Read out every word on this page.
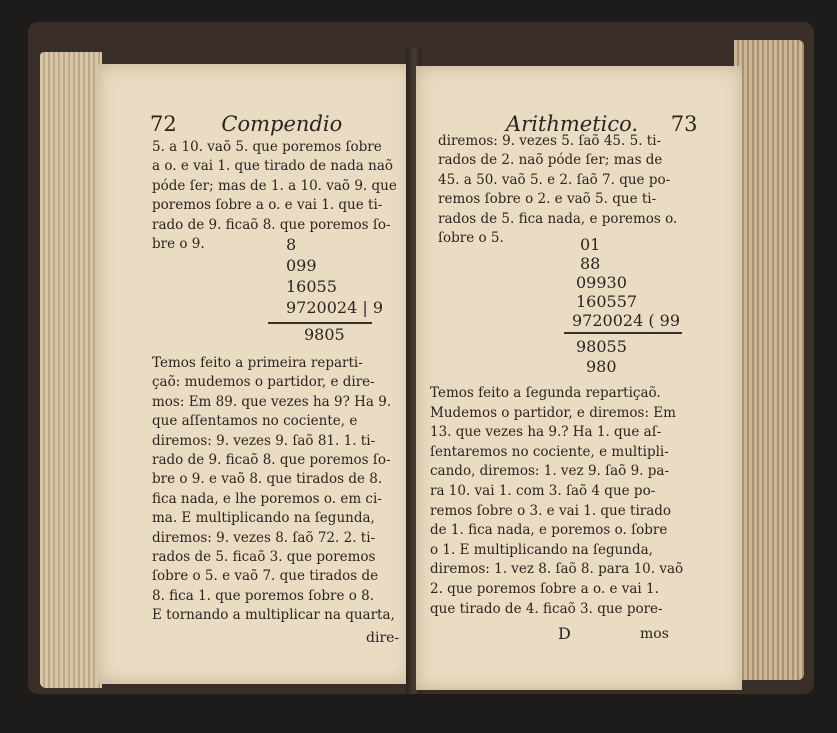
72 Compendio
5. a 10. vaõ 5. que poremos ſobre
a o. e vai 1. que tirado de nada naõ
póde ſer; mas de 1. a 10. vaõ 9. que
poremos ſobre a o. e vai 1. que ti-
rado de 9. ficaõ 8. que poremos ſo-
bre o 9.	8
099
16055
9720024 | 9
9805
Temos feito a primeira reparti-
çaõ: mudemos o partidor, e dire-
mos: Em 89. que vezes ha 9? Ha 9.
que aſſentamos no cociente, e
diremos: 9. vezes 9. ſaõ 81. 1. ti-
rado de 9. ficaõ 8. que poremos ſo-
bre o 9. e vaõ 8. que tirados de 8.
fica nada, e lhe poremos o. em ci-
ma. E multiplicando na ſegunda,
diremos: 9. vezes 8. ſaõ 72. 2. ti-
rados de 5. ficaõ 3. que poremos
ſobre o 5. e vaõ 7. que tirados de
8. fica 1. que poremos ſobre o 8.
E tornando a multiplicar na quarta,
dire-
Arithmetico. 73
diremos: 9. vezes 5. ſaõ 45. 5. ti-
rados de 2. naõ póde ſer; mas de
45. a 50. vaõ 5. e 2. ſaõ 7. que po-
remos ſobre o 2. e vaõ 5. que ti-
rados de 5. fica nada, e poremos o.
ſobre o 5.	01
88
09930
160557
9720024 ( 99
98055
980
Temos feito a ſegunda repartiçaõ.
Mudemos o partidor, e diremos: Em
13. que vezes ha 9.? Ha 1. que aſ-
ſentaremos no cociente, e multipli-
cando, diremos: 1. vez 9. ſaõ 9. pa-
ra 10. vai 1. com 3. ſaõ 4 que po-
remos ſobre o 3. e vai 1. que tirado
de 1. fica nada, e poremos o. ſobre
o 1. E multiplicando na ſegunda,
diremos: 1. vez 8. ſaõ 8. para 10. vaõ
2. que poremos ſobre a o. e vai 1.
que tirado de 4. ficaõ 3. que pore-
D	mos
